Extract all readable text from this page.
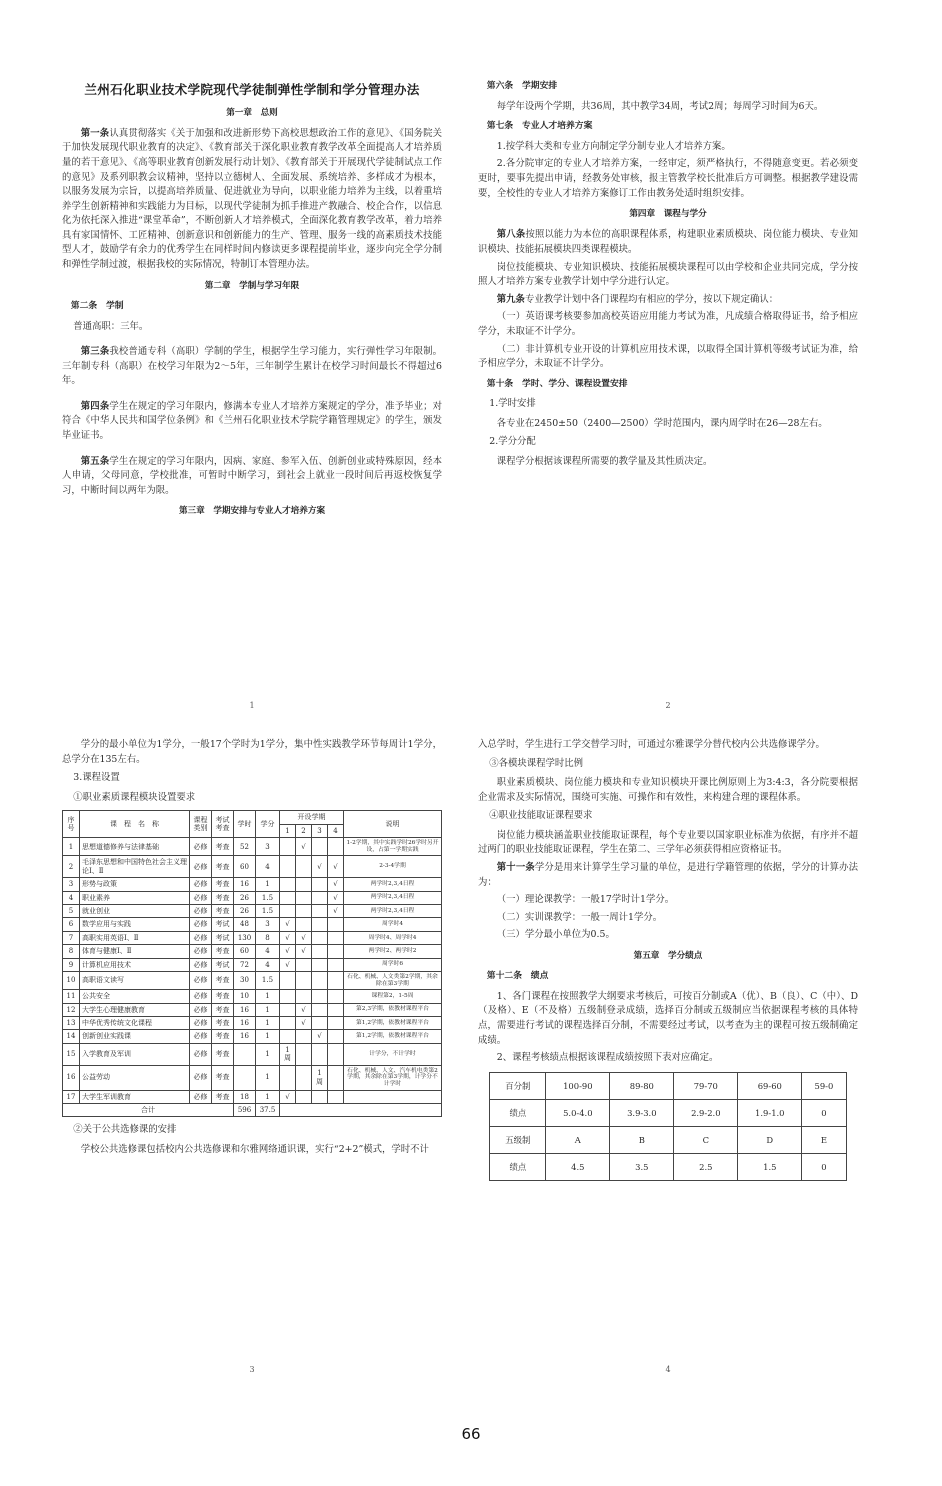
兰州石化职业技术学院现代学徒制弹性学制和学分管理办法
第一章　总则

第一条认真贯彻落实《关于加强和改进新形势下高校思想政治工作的意见》、《国务院关于加快发展现代职业教育的决定》、《教育部关于深化职业教育教学改革全面提高人才培养质量的若干意见》、《高等职业教育创新发展行动计划》、《教育部关于开展现代学徒制试点工作的意见》及系列职教会议精神，坚持以立德树人、全面发展、系统培养、多样成才为根本，以服务发展为宗旨，以提高培养质量、促进就业为导向，以职业能力培养为主线，以着重培养学生创新精神和实践能力为目标，以现代学徒制为抓手推进产教融合、校企合作，以信息化为依托深入推进“课堂革命”，不断创新人才培养模式，全面深化教育教学改革，着力培养具有家国情怀、工匠精神、创新意识和创新能力的生产、管理、服务一线的高素质技术技能型人才，鼓励学有余力的优秀学生在同样时间内修读更多课程提前毕业，逐步向完全学分制和弹性学制过渡，根据我校的实际情况，特制订本管理办法。

第二章　学制与学习年限
第二条　学制

普通高职：三年。

第三条我校普通专科（高职）学制的学生，根据学生学习能力，实行弹性学习年限制。三年制专科（高职）在校学习年限为2～5年，三年制学生累计在校学习时间最长不得超过6年。

第四条学生在规定的学习年限内，修满本专业人才培养方案规定的学分，准予毕业；对符合《中华人民共和国学位条例》和《兰州石化职业技术学院学籍管理规定》的学生，颁发毕业证书。

第五条学生在规定的学习年限内，因病、家庭、参军入伍、创新创业或特殊原因，经本人申请，父母同意，学校批准，可暂时中断学习，到社会上就业一段时间后再返校恢复学习，中断时间以两年为限。

第三章　学期安排与专业人才培养方案
1
第六条　学期安排

每学年设两个学期，共36周，其中教学34周，考试2周；每周学习时间为6天。

第七条　专业人才培养方案

1.按学科大类和专业方向制定学分制专业人才培养方案。

2.各分院审定的专业人才培养方案，一经审定，须严格执行，不得随意变更。若必须变更时，要事先提出申请，经教务处审核，报主管教学校长批准后方可调整。根据教学建设需要，全校性的专业人才培养方案修订工作由教务处适时组织安排。

第四章　课程与学分

第八条按照以能力为本位的高职课程体系，构建职业素质模块、岗位能力模块、专业知识模块、技能拓展模块四类课程模块。

岗位技能模块、专业知识模块、技能拓展模块课程可以由学校和企业共同完成，学分按照人才培养方案专业教学计划中学分进行认定。

第九条专业教学计划中各门课程均有相应的学分，按以下规定确认：

（一）英语课考核要参加高校英语应用能力考试为准，凡成绩合格取得证书，给予相应学分，未取证不计学分。

（二）非计算机专业开设的计算机应用技术课，以取得全国计算机等级考试证为准，给予相应学分，未取证不计学分。

第十条　学时、学分、课程设置安排

1.学时安排

各专业在2450±50（2400—2500）学时范围内，课内周学时在26—28左右。

2.学分分配

课程学分根据该课程所需要的教学量及其性质决定。

2

学分的最小单位为1学分，一般17个学时为1学分，集中性实践教学环节每周计1学分，总学分在135左右。

3.课程设置

①职业素质课程模块设置要求

序号	课　程　名　称	课程类别	考试考查	学时	学分	开设学期				说明
						1	2	3	4	
1	思想道德修养与法律基础	必修	考查	52	3		√			1-2学期，其中实践学时26学时另开设，占第一学期实践
2	毛泽东思想和中国特色社会主义理论Ⅰ、Ⅱ	必修	考查	60	4			√	√	2-3-4学期
3	形势与政策	必修	考查	16	1				√	两学时2,3,4日程
4	职业素养	必修	考查	26	1.5				√	两学时2,3,4日程
5	就业创业	必修	考查	26	1.5				√	两学时2,3,4日程
6	数学应用与实践	必修	考试	48	3	√				周学时4
7	高职实用英语Ⅰ、Ⅱ	必修	考试	130	8	√	√			周学时4、周学时4
8	体育与健康Ⅰ、Ⅱ	必修	考查	60	4	√	√			两学时2、两学时2
9	计算机应用技术	必修	考试	72	4	√				周学时6
10	高职语文读写	必修	考查	30	1.5					石化、机械、人文类第2学期，其余除在第3学期
11	公共安全	必修	考查	10	1					课程第2，1-5周
12	大学生心理健康教育	必修	考查	16	1		√			第2,3学期，依教材课程平台
13	中华优秀传统文化课程	必修	考查	16	1		√			第1,2学期，依教材课程平台
14	创新创业实践课	必修	考查	16	1			√		第1,2学期，依教材课程平台
15	入学教育及军训	必修	考查		1	1周				计学分，不计学时
16	公益劳动	必修	考查		1			1周		石化、机械、人文、汽车机电类第2学期，其余除在第3学期，计学分不计学时
17	大学生军训教育	必修	考查	18	1	√				
合计				596	37.5					

②关于公共选修课的安排

学校公共选修课包括校内公共选修课和尔雅网络通识课，实行“2+2”模式，学时不计

3

入总学时，学生进行工学交替学习时，可通过尔雅课学分替代校内公共选修课学分。

③各模块课程学时比例

职业素质模块、岗位能力模块和专业知识模块开课比例原则上为3:4:3，各分院要根据企业需求及实际情况，围绕可实施、可操作和有效性，来构建合理的课程体系。

④职业技能取证课程要求

岗位能力模块涵盖职业技能取证课程，每个专业要以国家职业标准为依据，有序并不超过两门的职业技能取证课程，学生在第二、三学年必须获得相应资格证书。

第十一条学分是用来计算学生学习量的单位，是进行学籍管理的依据，学分的计算办法为：

（一）理论课教学：一般17学时计1学分。

（二）实训课教学：一般一周计1学分。

（三）学分最小单位为0.5。

第五章　学分绩点
第十二条　绩点

1、各门课程在按照教学大纲要求考核后，可按百分制或A（优）、B（良）、C（中）、D（及格）、E（不及格）五级制登录成绩，选择百分制或五级制应当依据课程考核的具体特点，需要进行考试的课程选择百分制，不需要经过考试，以考查为主的课程可按五级制确定成绩。

2、课程考核绩点根据该课程成绩按照下表对应确定。

百分制	100-90	89-80	79-70	69-60	59-0
绩点	5.0-4.0	3.9-3.0	2.9-2.0	1.9-1.0	0
五级制	A	B	C	D	E
绩点	4.5	3.5	2.5	1.5	0
4
66
